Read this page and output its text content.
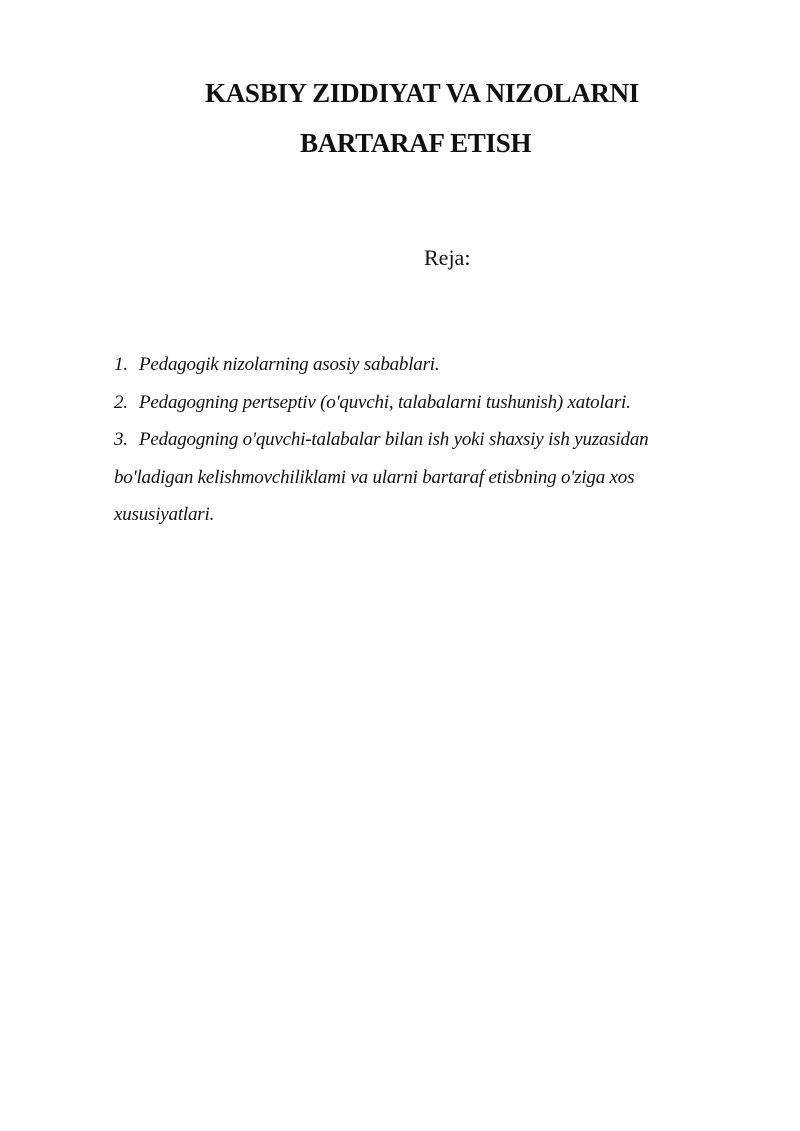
KASBIY ZIDDIYAT VA NIZOLARNI
BARTARAF ETISH
Reja:
1. Pedagogik nizolarning asosiy sabablari.
2. Pedagogning pertseptiv (o'quvchi, talabalarni tushunish) xatolari.
3. Pedagogning o'quvchi-talabalar bilan ish yoki shaxsiy ish yuzasidan bo'ladigan kelishmovchiliklami va ularni bartaraf etisbning o'ziga xos xususiyatlari.
